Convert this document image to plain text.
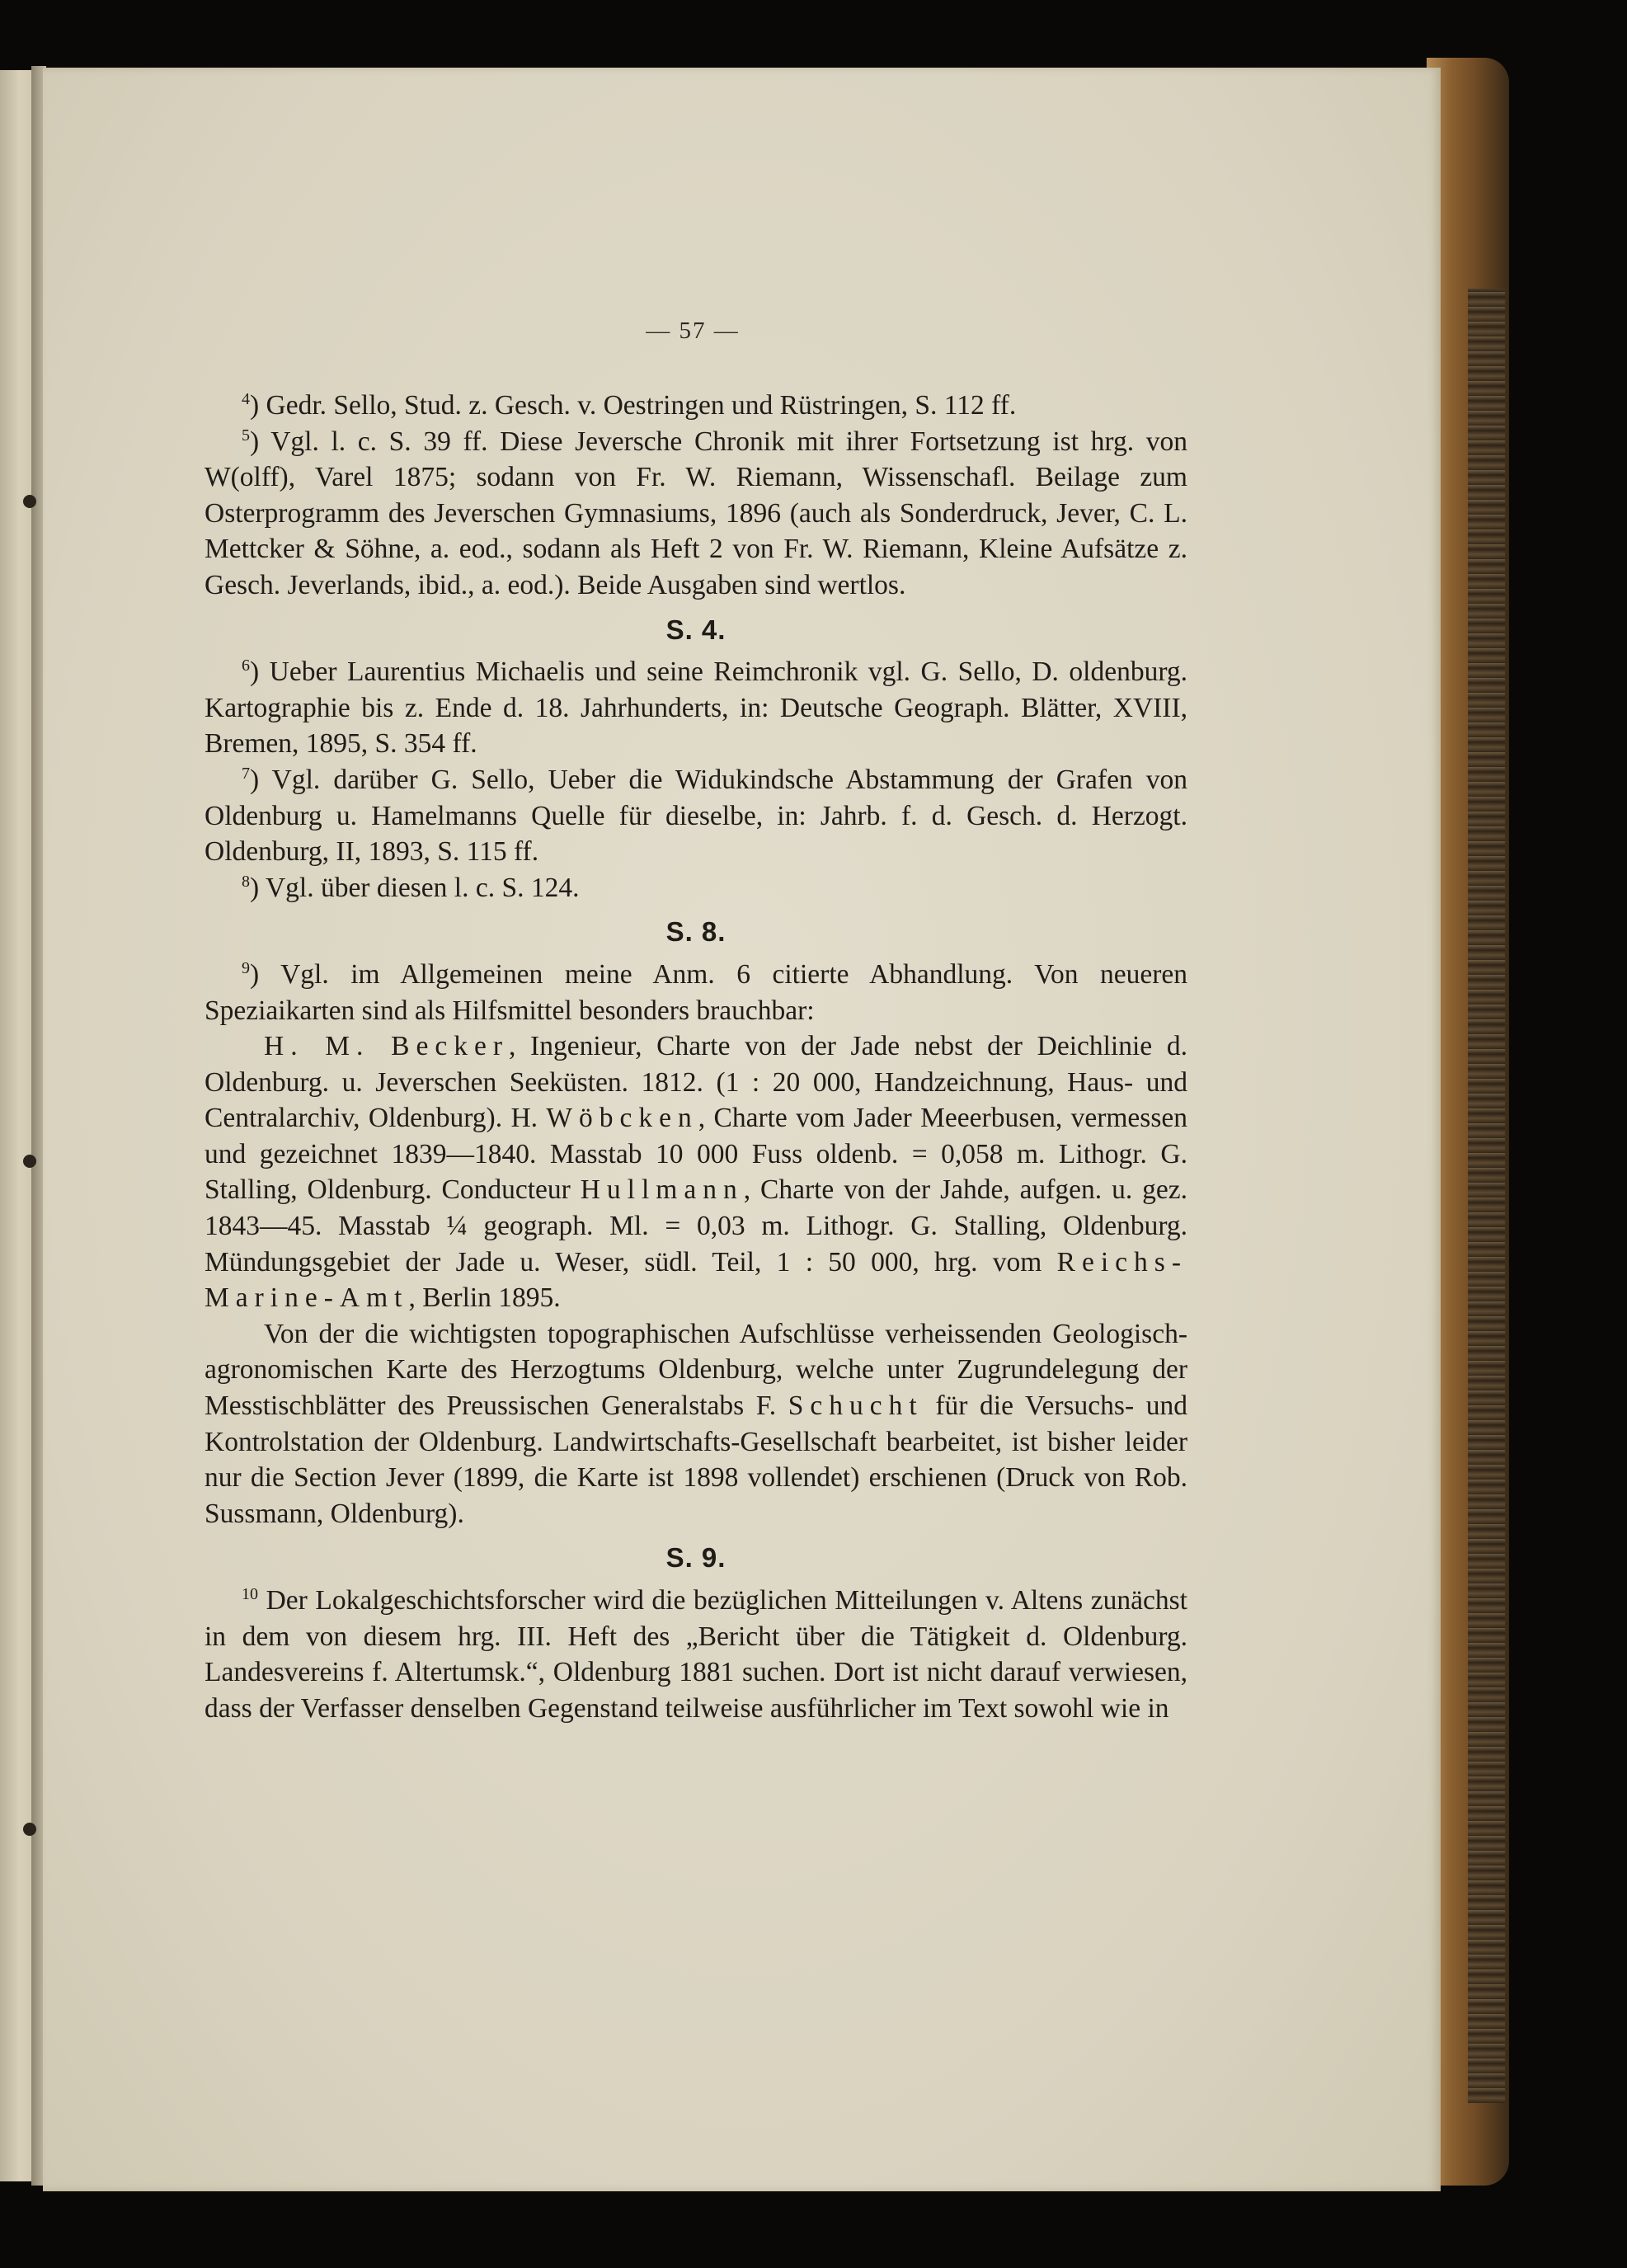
— 57 —
$^4$) Gedr. Sello, Stud. z. Gesch. v. Oestringen und Rüstringen, S. 112 ff.
$^5$) Vgl. l. c. S. 39 ff. Diese Jeversche Chronik mit ihrer Fortsetzung ist hrg. von W(olff), Varel 1875; sodann von Fr. W. Riemann, Wissenschafl. Beilage zum Osterprogramm des Jeverschen Gymnasiums, 1896 (auch als Sonderdruck, Jever, C. L. Mettcker & Söhne, a. eod., sodann als Heft 2 von Fr. W. Riemann, Kleine Aufsätze z. Gesch. Jeverlands, ibid., a. eod.). Beide Ausgaben sind wertlos.
S. 4.
$^6$) Ueber Laurentius Michaelis und seine Reimchronik vgl. G. Sello, D. oldenburg. Kartographie bis z. Ende d. 18. Jahrhunderts, in: Deutsche Geograph. Blätter, XVIII, Bremen, 1895, S. 354 ff.
$^7$) Vgl. darüber G. Sello, Ueber die Widukindsche Abstammung der Grafen von Oldenburg u. Hamelmanns Quelle für dieselbe, in: Jahrb. f. d. Gesch. d. Herzogt. Oldenburg, II, 1893, S. 115 ff.
$^8$) Vgl. über diesen l. c. S. 124.
S. 8.
$^9$) Vgl. im Allgemeinen meine Anm. 6 citierte Abhandlung. Von neueren Speziaikarten sind als Hilfsmittel besonders brauchbar:
H. M. Becker, Ingenieur, Charte von der Jade nebst der Deichlinie d. Oldenburg. u. Jeverschen Seeküsten. 1812. (1 : 20 000, Handzeichnung, Haus- und Centralarchiv, Oldenburg). H. Wöbcken, Charte vom Jader Meeerbusen, vermessen und gezeichnet 1839—1840. Masstab 10 000 Fuss oldenb. = 0,058 m. Lithogr. G. Stalling, Oldenburg. Conducteur Hullmann, Charte von der Jahde, aufgen. u. gez. 1843—45. Masstab ¼ geograph. Ml. = 0,03 m. Lithogr. G. Stalling, Oldenburg. Mündungsgebiet der Jade u. Weser, südl. Teil, 1 : 50 000, hrg. vom Reichs-Marine-Amt, Berlin 1895.
Von der die wichtigsten topographischen Aufschlüsse verheissenden Geologisch-agronomischen Karte des Herzogtums Oldenburg, welche unter Zugrundelegung der Messtischblätter des Preussischen Generalstabs F. Schucht für die Versuchs- und Kontrolstation der Oldenburg. Landwirtschafts-Gesellschaft bearbeitet, ist bisher leider nur die Section Jever (1899, die Karte ist 1898 vollendet) erschienen (Druck von Rob. Sussmann, Oldenburg).
S. 9.
$^{10}$ Der Lokalgeschichtsforscher wird die bezüglichen Mitteilungen v. Altens zunächst in dem von diesem hrg. III. Heft des „Bericht über die Tätigkeit d. Oldenburg. Landesvereins f. Altertumsk.“, Oldenburg 1881 suchen. Dort ist nicht darauf verwiesen, dass der Verfasser denselben Gegenstand teilweise ausführlicher im Text sowohl wie in
